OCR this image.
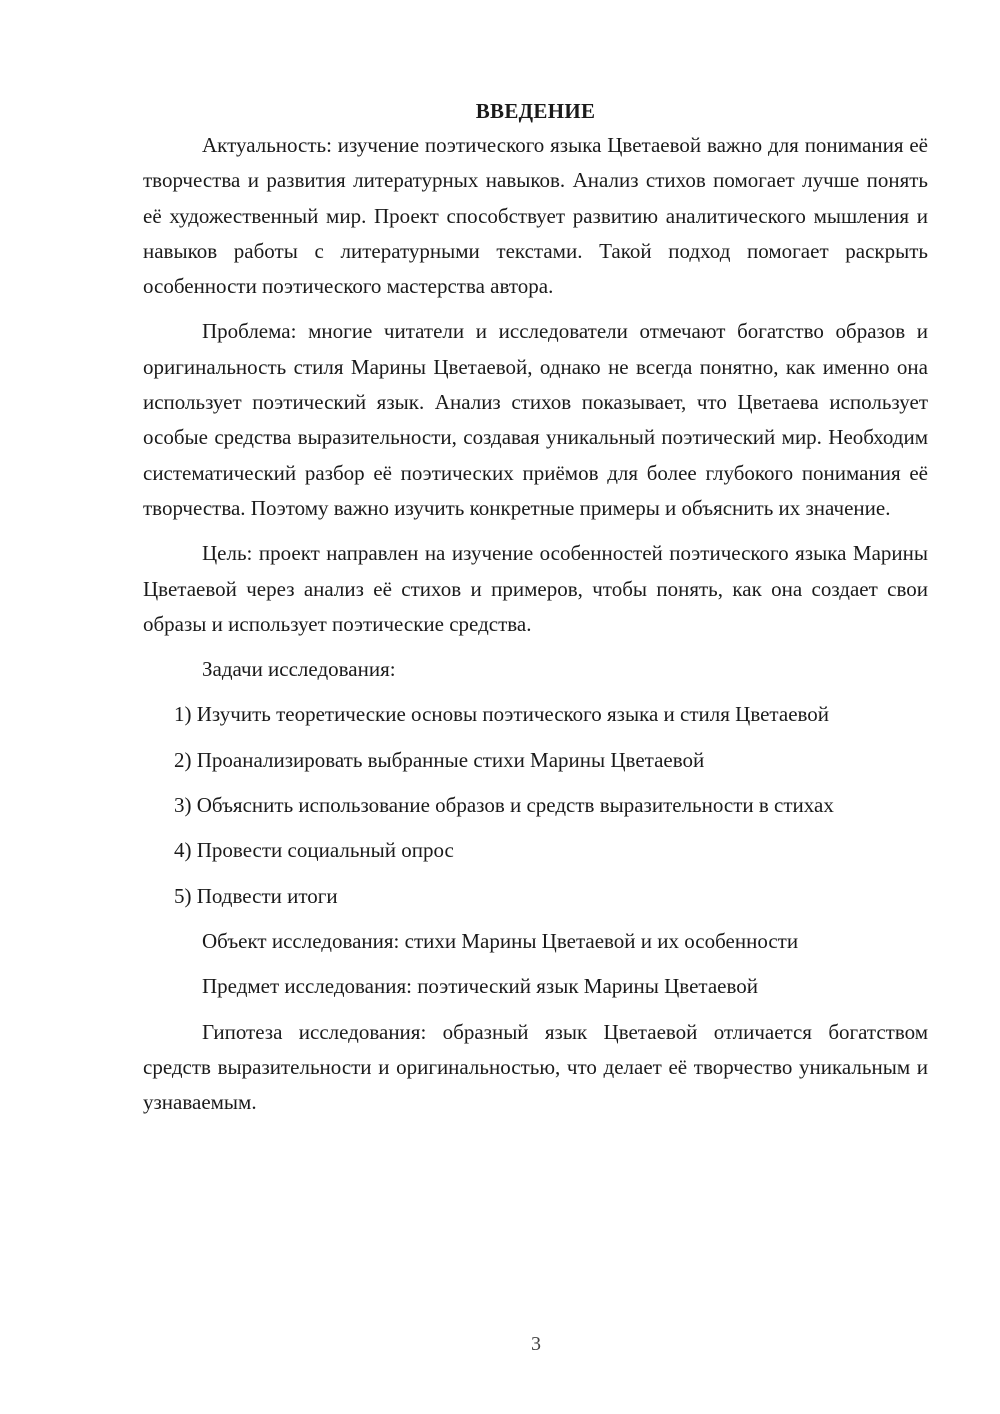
ВВЕДЕНИЕ

Актуальность: изучение поэтического языка Цветаевой важно для понимания её творчества и развития литературных навыков. Анализ стихов помогает лучше понять её художественный мир. Проект способствует развитию аналитического мышления и навыков работы с литературными текстами. Такой подход помогает раскрыть особенности поэтического мастерства автора.

Проблема: многие читатели и исследователи отмечают богатство образов и оригинальность стиля Марины Цветаевой, однако не всегда понятно, как именно она использует поэтический язык. Анализ стихов показывает, что Цветаева использует особые средства выразительности, создавая уникальный поэтический мир. Необходим систематический разбор её поэтических приёмов для более глубокого понимания её творчества. Поэтому важно изучить конкретные примеры и объяснить их значение.

Цель: проект направлен на изучение особенностей поэтического языка Марины Цветаевой через анализ её стихов и примеров, чтобы понять, как она создает свои образы и использует поэтические средства.

Задачи исследования:

1) Изучить теоретические основы поэтического языка и стиля Цветаевой

2) Проанализировать выбранные стихи Марины Цветаевой

3) Объяснить использование образов и средств выразительности в стихах

4) Провести социальный опрос

5) Подвести итоги

Объект исследования: стихи Марины Цветаевой и их особенности

Предмет исследования: поэтический язык Марины Цветаевой

Гипотеза исследования: образный язык Цветаевой отличается богатством средств выразительности и оригинальностью, что делает её творчество уникальным и узнаваемым.

3
